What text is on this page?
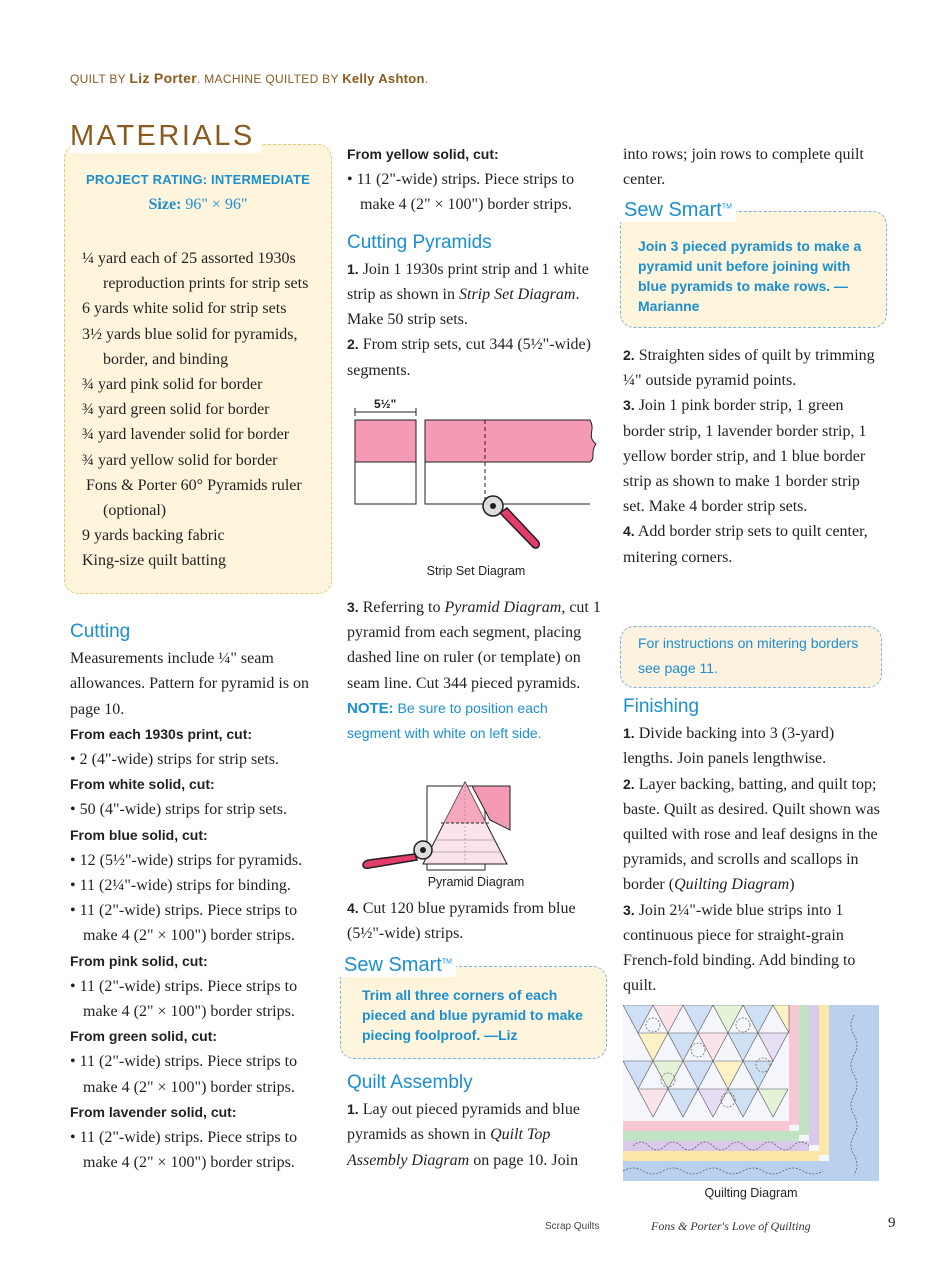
QUILT BY Liz Porter. MACHINE QUILTED BY Kelly Ashton.
MATERIALS
PROJECT RATING: INTERMEDIATE
Size: 96" × 96"
¼ yard each of 25 assorted 1930s reproduction prints for strip sets
6 yards white solid for strip sets
3½ yards blue solid for pyramids, border, and binding
¾ yard pink solid for border
¾ yard green solid for border
¾ yard lavender solid for border
¾ yard yellow solid for border
Fons & Porter 60° Pyramids ruler (optional)
9 yards backing fabric
King-size quilt batting
Cutting

Measurements include ¼" seam allowances. Pattern for pyramid is on page 10.

From each 1930s print, cut:
• 2 (4"-wide) strips for strip sets.
From white solid, cut:
• 50 (4"-wide) strips for strip sets.
From blue solid, cut:
• 12 (5½"-wide) strips for pyramids.
• 11 (2¼"-wide) strips for binding.
• 11 (2"-wide) strips. Piece strips to make 4 (2" × 100") border strips.
From pink solid, cut:
• 11 (2"-wide) strips. Piece strips to make 4 (2" × 100") border strips.
From green solid, cut:
• 11 (2"-wide) strips. Piece strips to make 4 (2" × 100") border strips.
From lavender solid, cut:
• 11 (2"-wide) strips. Piece strips to make 4 (2" × 100") border strips.
From yellow solid, cut:
• 11 (2"-wide) strips. Piece strips to make 4 (2" × 100") border strips.
Cutting Pyramids

1. Join 1 1930s print strip and 1 white strip as shown in Strip Set Diagram. Make 50 strip sets.

2. From strip sets, cut 344 (5½"-wide) segments.

5½"
Strip Set Diagram

3. Referring to Pyramid Diagram, cut 1 pyramid from each segment, placing dashed line on ruler (or template) on seam line. Cut 344 pieced pyramids.

NOTE: Be sure to position each segment with white on left side.

Pyramid Diagram

4. Cut 120 blue pyramids from blue (5½"-wide) strips.

Sew Smart™
Trim all three corners of each pieced and blue pyramid to make piecing foolproof. —Liz
Quilt Assembly

1. Lay out pieced pyramids and blue pyramids as shown in Quilt Top Assembly Diagram on page 10. Join

into rows; join rows to complete quilt center.
Sew Smart™
Join 3 pieced pyramids to make a pyramid unit before joining with blue pyramids to make rows. —Marianne

2. Straighten sides of quilt by trimming ¼" outside pyramid points.

3. Join 1 pink border strip, 1 green border strip, 1 lavender border strip, 1 yellow border strip, and 1 blue border strip as shown to make 1 border strip set. Make 4 border strip sets.

4. Add border strip sets to quilt center, mitering corners.

For instructions on mitering borders see page 11.
Finishing

1. Divide backing into 3 (3-yard) lengths. Join panels lengthwise.

2. Layer backing, batting, and quilt top; baste. Quilt as desired. Quilt shown was quilted with rose and leaf designs in the pyramids, and scrolls and scallops in border (Quilting Diagram)

3. Join 2¼"-wide blue strips into 1 continuous piece for straight-grain French-fold binding. Add binding to quilt.

Quilting Diagram
Scrap Quilts	Fons & Porter's Love of Quilting	9
